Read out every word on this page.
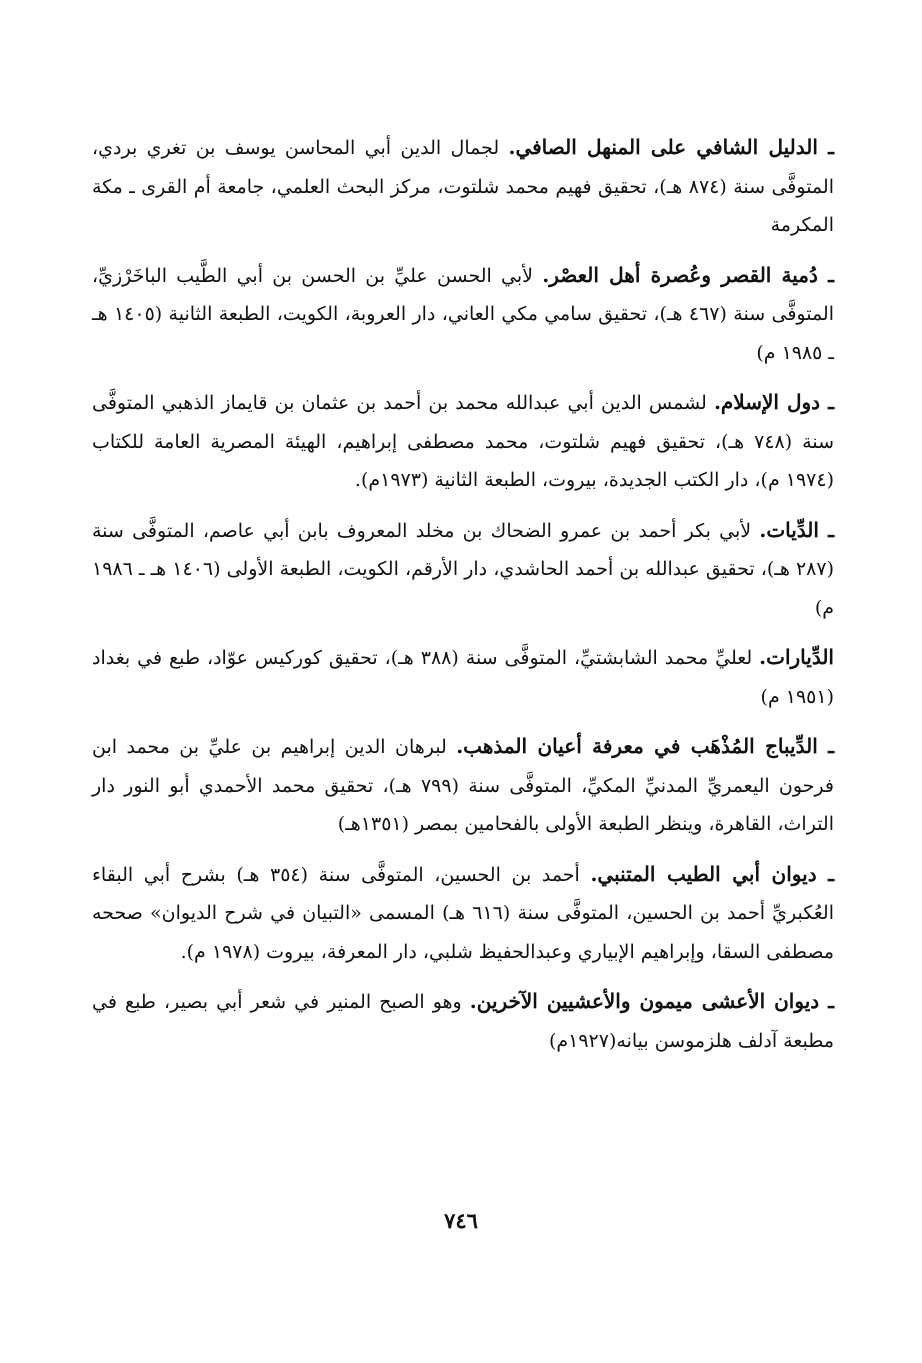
ـ الدليل الشافي على المنهل الصافي. لجمال الدين أبي المحاسن يوسف بن تغري بردي، المتوفَّى سنة (٨٧٤ هـ)، تحقيق فهيم محمد شلتوت، مركز البحث العلمي، جامعة أم القرى ـ مكة المكرمة

ـ دُمية القصر وعُصرة أهل العصْر. لأبي الحسن عليِّ بن الحسن بن أبي الطَّيب الباخَرْزيِّ، المتوفَّى سنة (٤٦٧ هـ)، تحقيق سامي مكي العاني، دار العروبة، الكويت، الطبعة الثانية (١٤٠٥ هـ ـ ١٩٨٥ م)

ـ دول الإسلام. لشمس الدين أبي عبدالله محمد بن أحمد بن عثمان بن قايماز الذهبي المتوفَّى سنة (٧٤٨ هـ)، تحقيق فهيم شلتوت، محمد مصطفى إبراهيم، الهيئة المصرية العامة للكتاب (١٩٧٤ م)، دار الكتب الجديدة، بيروت، الطبعة الثانية (١٩٧٣م).

ـ الدِّيات. لأبي بكر أحمد بن عمرو الضحاك بن مخلد المعروف بابن أبي عاصم، المتوفَّى سنة (٢٨٧ هـ)، تحقيق عبدالله بن أحمد الحاشدي، دار الأرقم، الكويت، الطبعة الأولى (١٤٠٦ هـ ـ ١٩٨٦ م)

الدِّيارات. لعليِّ محمد الشابشتيِّ، المتوفَّى سنة (٣٨٨ هـ)، تحقيق كوركيس عوّاد، طبع في بغداد (١٩٥١ م)

ـ الدِّيباج المُذْهَب في معرفة أعيان المذهب. لبرهان الدين إبراهيم بن عليِّ بن محمد ابن فرحون اليعمريِّ المدنيِّ المكيِّ، المتوفَّى سنة (٧٩٩ هـ)، تحقيق محمد الأحمدي أبو النور دار التراث، القاهرة، وينظر الطبعة الأولى بالفحامين بمصر (١٣٥١هـ)

ـ ديوان أبي الطيب المتنبي. أحمد بن الحسين، المتوفَّى سنة (٣٥٤ هـ) بشرح أبي البقاء العُكبريِّ أحمد بن الحسين، المتوفَّى سنة (٦١٦ هـ) المسمى «التبيان في شرح الديوان» صححه مصطفى السقا، وإبراهيم الإبياري وعبدالحفيظ شلبي، دار المعرفة، بيروت (١٩٧٨ م).

ـ ديوان الأعشى ميمون والأعشيين الآخرين. وهو الصبح المنير في شعر أبي بصير، طبع في مطبعة آدلف هلزموسن بيانه(١٩٢٧م)

٧٤٦
